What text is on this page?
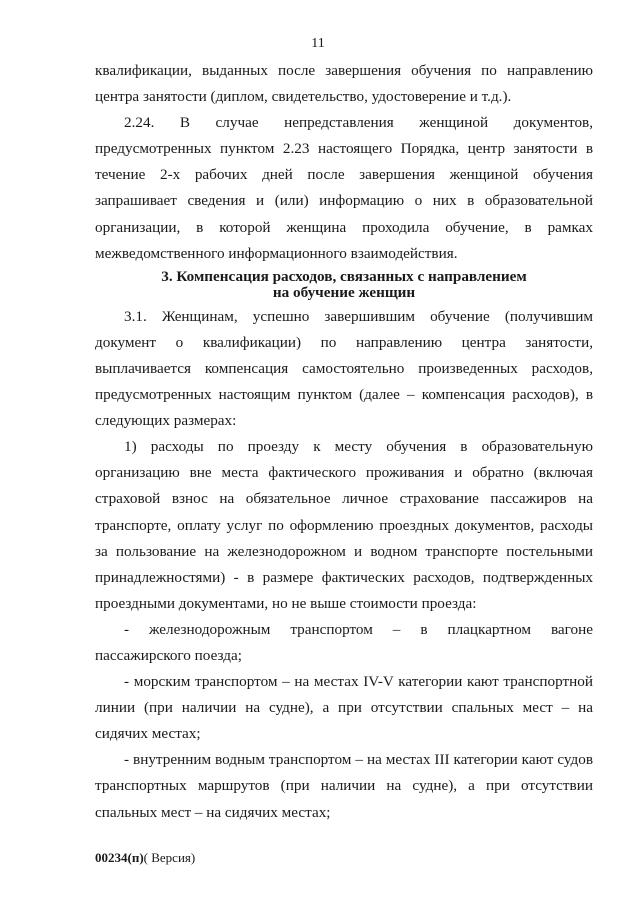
11

квалификации, выданных после завершения обучения по направлению центра занятости (диплом, свидетельство, удостоверение и т.д.).

2.24. В случае непредставления женщиной документов, предусмотренных пунктом 2.23 настоящего Порядка, центр занятости в течение 2-х рабочих дней после завершения женщиной обучения запрашивает сведения и (или) информацию о них в образовательной организации, в которой женщина проходила обучение, в рамках межведомственного информационного взаимодействия.

3. Компенсация расходов, связанных с направлением
на обучение женщин

3.1. Женщинам, успешно завершившим обучение (получившим документ о квалификации) по направлению центра занятости, выплачивается компенсация самостоятельно произведенных расходов, предусмотренных настоящим пунктом (далее – компенсация расходов), в следующих размерах:

1) расходы по проезду к месту обучения в образовательную организацию вне места фактического проживания и обратно (включая страховой взнос на обязательное личное страхование пассажиров на транспорте, оплату услуг по оформлению проездных документов, расходы за пользование на железнодорожном и водном транспорте постельными принадлежностями) - в размере фактических расходов, подтвержденных проездными документами, но не выше стоимости проезда:

- железнодорожным транспортом – в плацкартном вагоне пассажирского поезда;

- морским транспортом – на местах IV-V категории кают транспортной линии (при наличии на судне), а при отсутствии спальных мест – на сидячих местах;

- внутренним водным транспортом – на местах III категории кают судов транспортных маршрутов (при наличии на судне), а при отсутствии спальных мест – на сидячих местах;

00234(п)( Версия)
